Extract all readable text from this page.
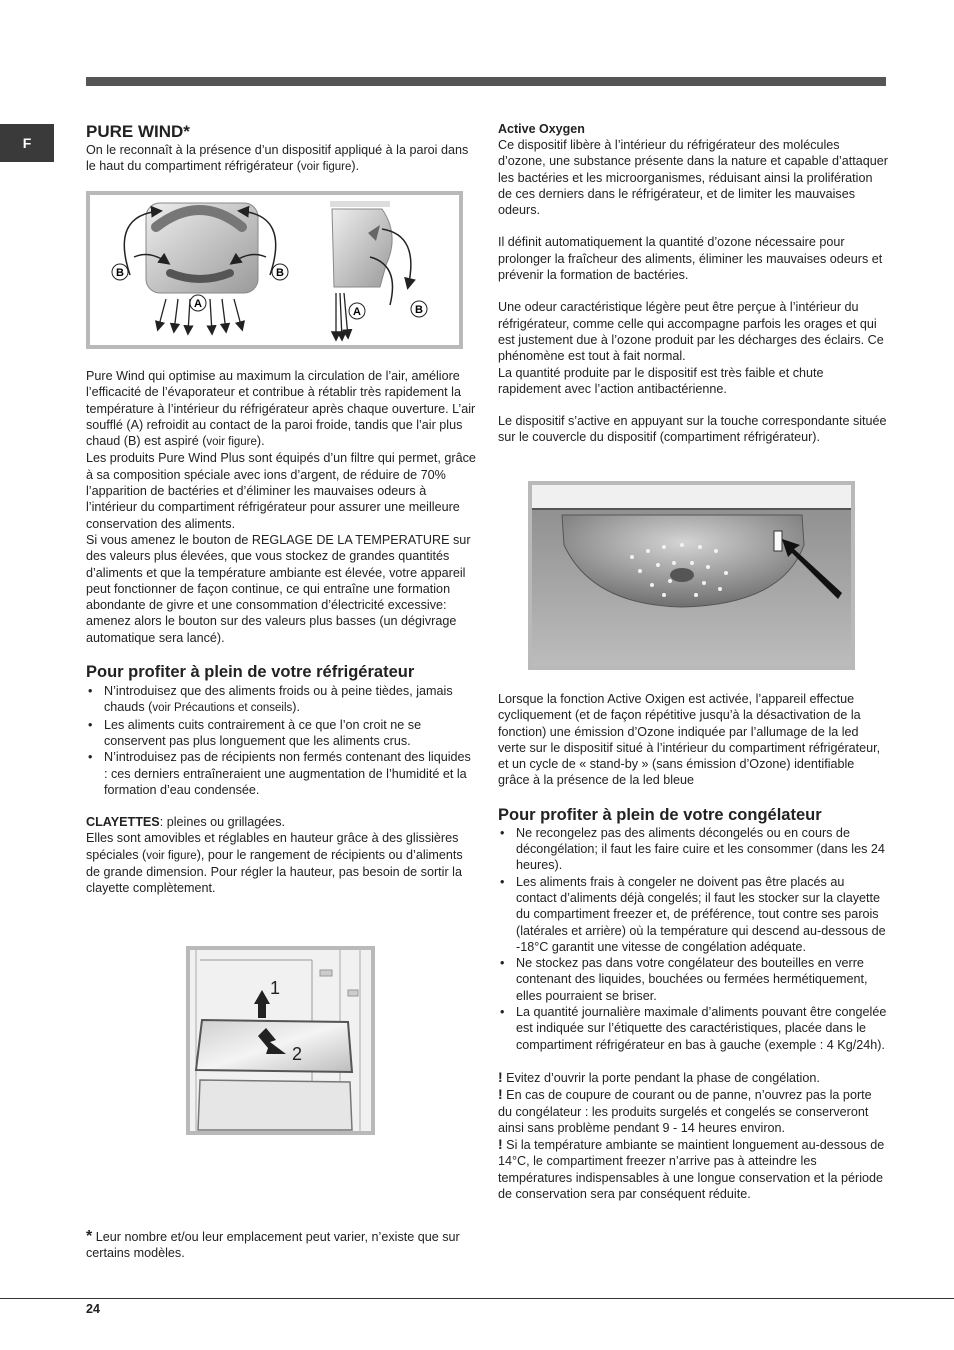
F

PURE WIND*

On le reconnaît à la présence d’un dispositif appliqué à la paroi dans le haut du compartiment réfrigérateur (voir figure).

B	B
A
A	B

Pure Wind qui optimise au maximum la circulation de l’air, améliore l’efficacité de l’évaporateur et contribue à rétablir très rapidement la température à l’intérieur du réfrigérateur après chaque ouverture. L’air soufflé (A) refroidit au contact de la paroi froide, tandis que l’air plus chaud (B) est aspiré (voir figure).

Les produits Pure Wind Plus sont équipés d’un filtre qui permet, grâce à sa composition spéciale avec ions d’argent, de réduire de 70% l’apparition de bactéries et d’éliminer les mauvaises odeurs à l’intérieur du compartiment réfrigérateur pour assurer une meilleure conservation des aliments.

Si vous amenez le bouton de REGLAGE DE LA TEMPERATURE sur des valeurs plus élevées, que vous stockez de grandes quantités d’aliments et que la température ambiante est élevée, votre appareil peut fonctionner de façon continue, ce qui entraîne une formation abondante de givre et une consommation d’électricité excessive: amenez alors le bouton sur des valeurs plus basses (un dégivrage automatique sera lancé).

Pour profiter à plein de votre réfrigérateur

• N’introduisez que des aliments froids ou à peine tièdes, jamais chauds (voir Précautions et conseils).
• Les aliments cuits contrairement à ce que l’on croit ne se conservent pas plus longuement que les aliments crus.
• N’introduisez pas de récipients non fermés contenant des liquides : ces derniers entraîneraient une augmentation de l’humidité et la formation d’eau condensée.

CLAYETTES: pleines ou grillagées.

Elles sont amovibles et réglables en hauteur grâce à des glissières spéciales (voir figure), pour le rangement de récipients ou d’aliments de grande dimension. Pour régler la hauteur, pas besoin de sortir la clayette complètement.

1
2

* Leur nombre et/ou leur emplacement peut varier, n’existe que sur certains modèles.

Active Oxygen

Ce dispositif libère à l’intérieur du réfrigérateur des molécules d’ozone, une substance présente dans la nature et capable d’attaquer les bactéries et les microorganismes, réduisant ainsi la prolifération de ces derniers dans le réfrigérateur, et de limiter les mauvaises odeurs.

Il définit automatiquement la quantité d’ozone nécessaire pour prolonger la fraîcheur des aliments, éliminer les mauvaises odeurs et prévenir la formation de bactéries.

Une odeur caractéristique légère peut être perçue à l’intérieur du réfrigérateur, comme celle qui accompagne parfois les orages et qui est justement due à l’ozone produit par les décharges des éclairs. Ce phénomène est tout à fait normal.

La quantité produite par le dispositif est très faible et chute rapidement avec l’action antibactérienne.

Le dispositif s’active en appuyant sur la touche correspondante située sur le couvercle du dispositif (compartiment réfrigérateur).

Lorsque la fonction Active Oxigen est activée, l’appareil effectue cycliquement (et de façon répétitive jusqu’à la désactivation de la fonction) une émission d’Ozone indiquée par l’allumage de la led verte sur le dispositif situé à l’intérieur du compartiment réfrigérateur, et un cycle de « stand-by » (sans émission d’Ozone) identifiable grâce à la présence de la led bleue

Pour profiter à plein de votre congélateur

• Ne recongelez pas des aliments décongelés ou en cours de décongélation; il faut les faire cuire et les consommer (dans les 24 heures).
• Les aliments frais à congeler ne doivent pas être placés au contact d’aliments déjà congelés; il faut les stocker sur la clayette du compartiment freezer et, de préférence, tout contre ses parois (latérales et arrière) où la température qui descend au-dessous de -18°C garantit une vitesse de congélation adéquate.
• Ne stockez pas dans votre congélateur des bouteilles en verre contenant des liquides, bouchées ou fermées hermétiquement, elles pourraient se briser.
• La quantité journalière maximale d’aliments pouvant être congelée est indiquée sur l’étiquette des caractéristiques, placée dans le compartiment réfrigérateur en bas à gauche (exemple : 4 Kg/24h).

! Evitez d’ouvrir la porte pendant la phase de congélation.

! En cas de coupure de courant ou de panne, n’ouvrez pas la porte du congélateur : les produits surgelés et congelés se conserveront ainsi sans problème pendant 9 - 14 heures environ.

! Si la température ambiante se maintient longuement au-dessous de 14°C, le compartiment freezer n’arrive pas à atteindre les températures indispensables à une longue conservation et la période de conservation sera par conséquent réduite.

24
